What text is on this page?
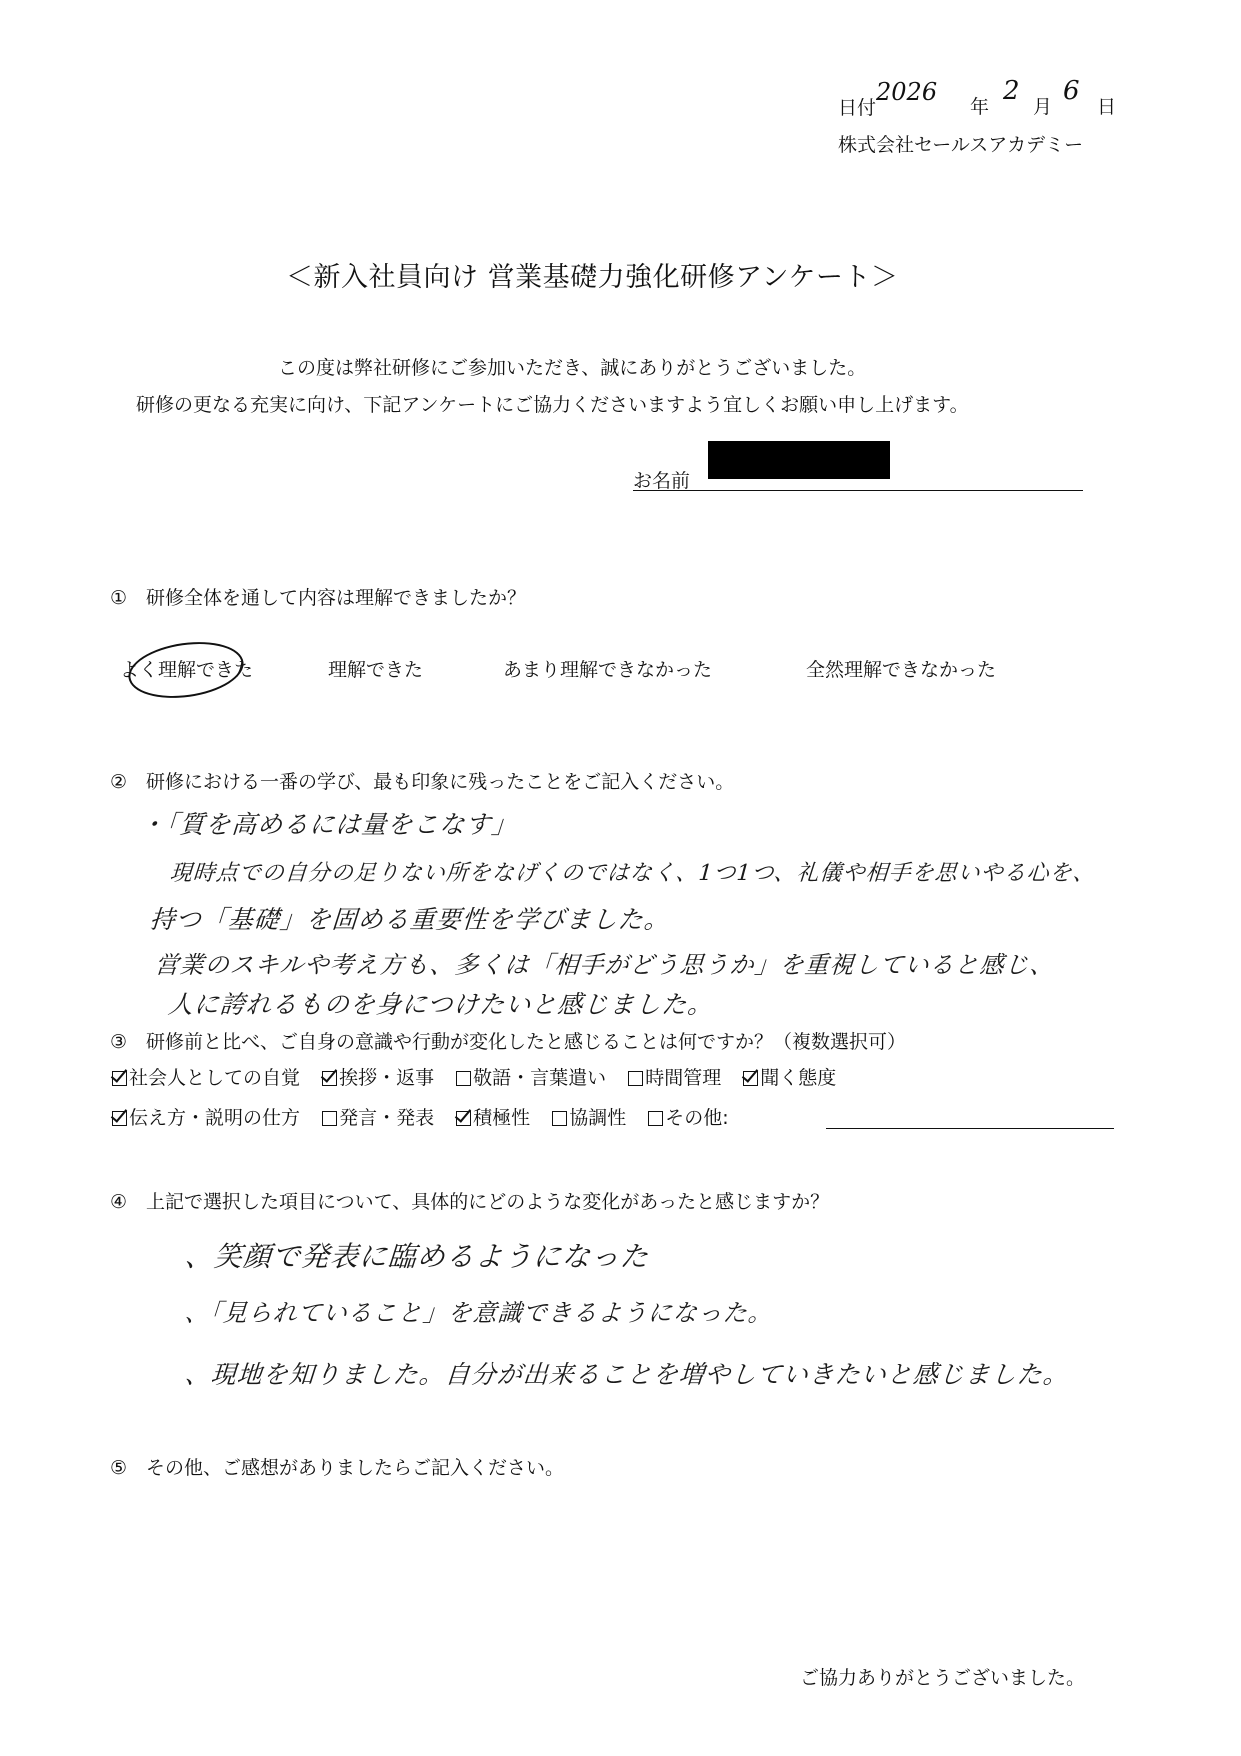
日付2026
年
2
月
6
日
株式会社セールスアカデミー
＜新入社員向け 営業基礎力強化研修アンケート＞
この度は弊社研修にご参加いただき、誠にありがとうございました。
研修の更なる充実に向け、下記アンケートにご協力くださいますよう宜しくお願い申し上げます。
お名前
①　研修全体を通して内容は理解できましたか？
よく理解できた	理解できた	あまり理解できなかった	全然理解できなかった
②　研修における一番の学び、最も印象に残ったことをご記入ください。
・「質を高めるには量をこなす」
現時点での自分の足りない所をなげくのではなく、1つ1つ、礼儀や相手を思いやる心を、
持つ「基礎」を固める重要性を学びました。
営業のスキルや考え方も、多くは「相手がどう思うか」を重視していると感じ、
人に誇れるものを身につけたいと感じました。
③　研修前と比べ、ご自身の意識や行動が変化したと感じることは何ですか？（複数選択可）
社会人としての自覚 挨拶・返事 敬語・言葉遣い 時間管理 聞く態度
伝え方・説明の仕方 発言・発表 積極性 協調性 その他:
④　上記で選択した項目について、具体的にどのような変化があったと感じますか？
、笑顔で発表に臨めるようになった
、「見られていること」を意識できるようになった。
、現地を知りました。自分が出来ることを増やしていきたいと感じました。
⑤　その他、ご感想がありましたらご記入ください。
ご協力ありがとうございました。
